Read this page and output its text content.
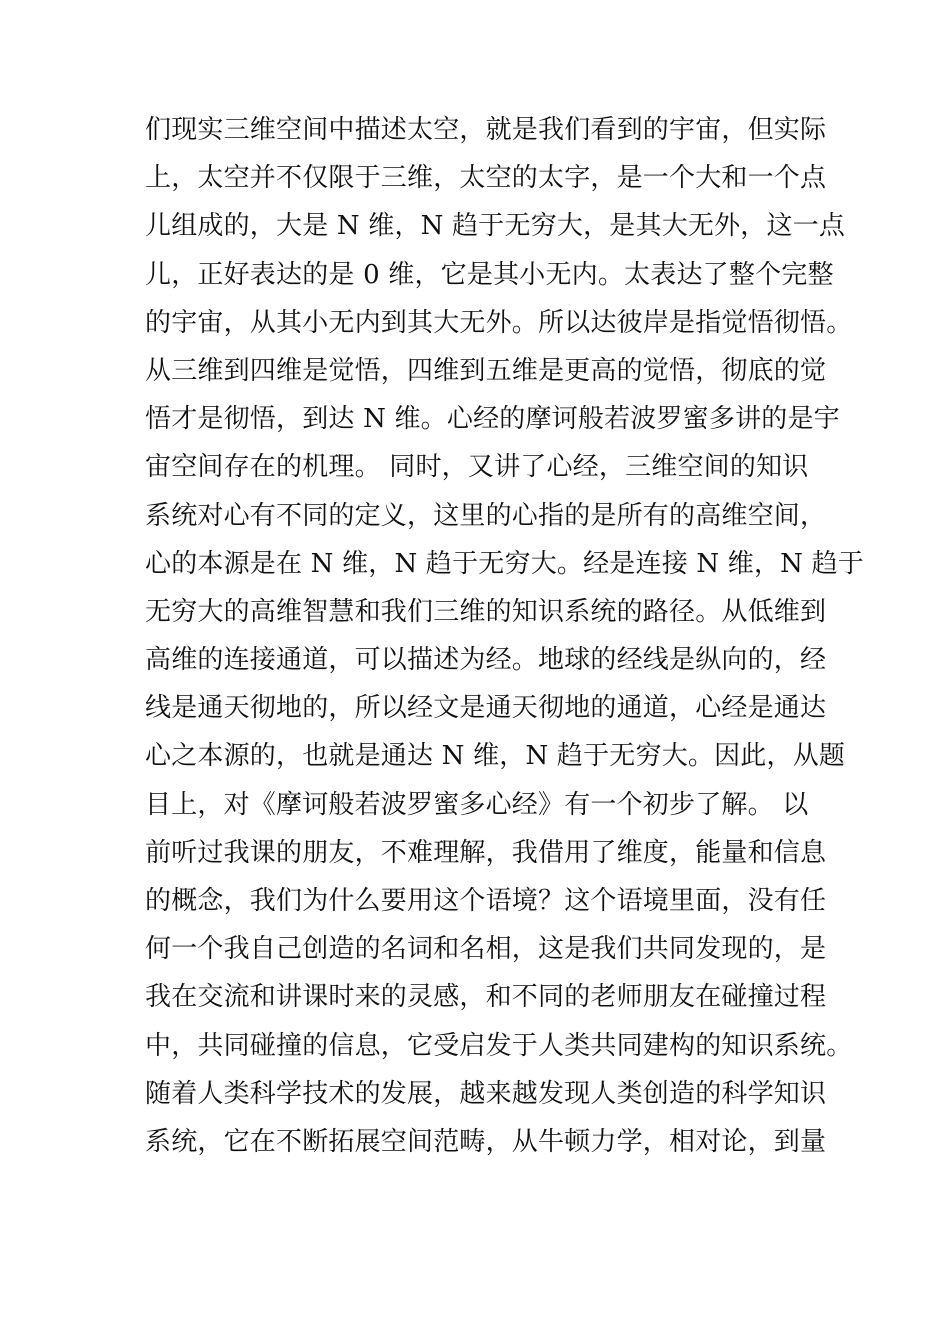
们现实三维空间中描述太空，就是我们看到的宇宙，但实际
上，太空并不仅限于三维，太空的太字，是一个大和一个点
儿组成的，大是 N 维，N 趋于无穷大，是其大无外，这一点
儿，正好表达的是 0 维，它是其小无内。太表达了整个完整
的宇宙，从其小无内到其大无外。所以达彼岸是指觉悟彻悟。
从三维到四维是觉悟，四维到五维是更高的觉悟，彻底的觉
悟才是彻悟，到达 N 维。心经的摩诃般若波罗蜜多讲的是宇
宙空间存在的机理。 同时，又讲了心经，三维空间的知识
系统对心有不同的定义，这里的心指的是所有的高维空间，
心的本源是在 N 维，N 趋于无穷大。经是连接 N 维，N 趋于
无穷大的高维智慧和我们三维的知识系统的路径。从低维到
高维的连接通道，可以描述为经。地球的经线是纵向的，经
线是通天彻地的，所以经文是通天彻地的通道，心经是通达
心之本源的，也就是通达 N 维，N 趋于无穷大。因此，从题
目上，对《摩诃般若波罗蜜多心经》有一个初步了解。 以
前听过我课的朋友，不难理解，我借用了维度，能量和信息
的概念，我们为什么要用这个语境？这个语境里面，没有任
何一个我自己创造的名词和名相，这是我们共同发现的，是
我在交流和讲课时来的灵感，和不同的老师朋友在碰撞过程
中，共同碰撞的信息，它受启发于人类共同建构的知识系统。
随着人类科学技术的发展，越来越发现人类创造的科学知识
系统，它在不断拓展空间范畴，从牛顿力学，相对论，到量
